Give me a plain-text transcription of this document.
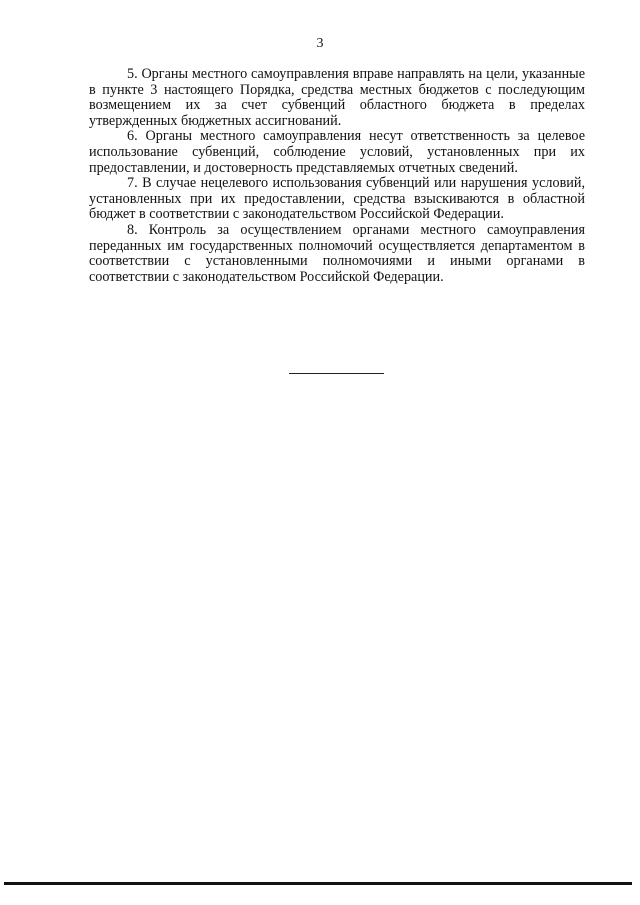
3

5. Органы местного самоуправления вправе направлять на цели, указанные в пункте 3 настоящего Порядка, средства местных бюджетов с последующим возмещением их за счет субвенций областного бюджета в пределах утвержденных бюджетных ассигнований.

6. Органы местного самоуправления несут ответственность за целевое использование субвенций, соблюдение условий, установленных при их предоставлении, и достоверность представляемых отчетных сведений.

7. В случае нецелевого использования субвенций или нарушения условий, установленных при их предоставлении, средства взыскиваются в областной бюджет в соответствии с законодательством Российской Федерации.

8. Контроль за осуществлением органами местного самоуправления переданных им государственных полномочий осуществляется департаментом в соответствии с установленными полномочиями и иными органами в соответствии с законодательством Российской Федерации.
